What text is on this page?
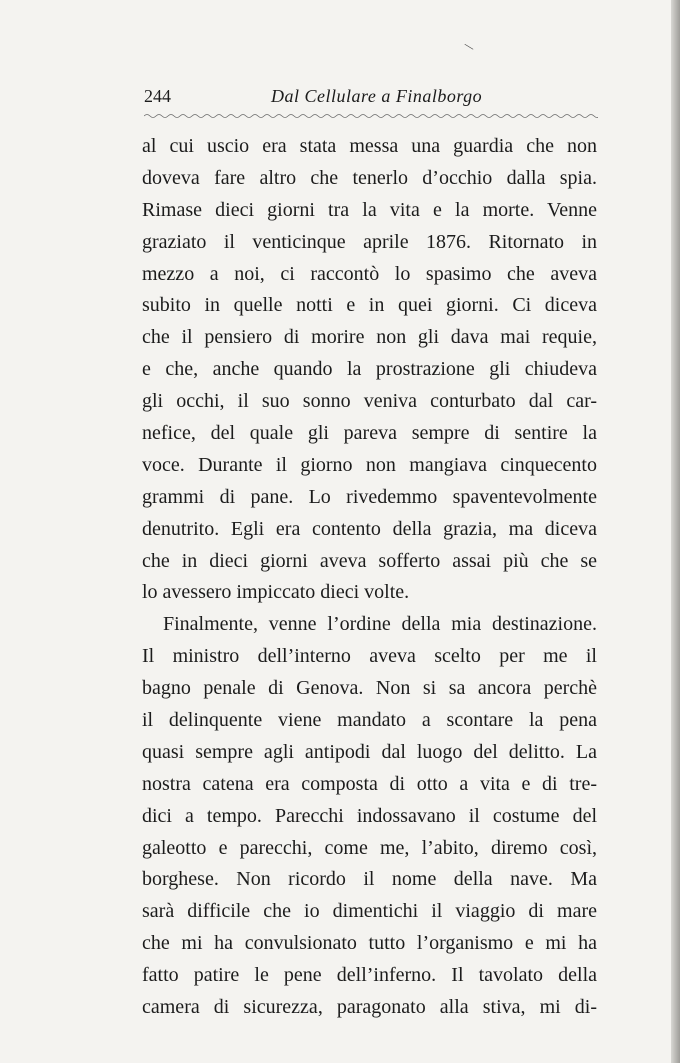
\
244	Dal Cellulare a Finalborgo
al cui uscio era stata messa una guardia che non
doveva fare altro che tenerlo d’occhio dalla spia.
Rimase dieci giorni tra la vita e la morte. Venne
graziato il venticinque aprile 1876. Ritornato in
mezzo a noi, ci raccontò lo spasimo che aveva
subito in quelle notti e in quei giorni. Ci diceva
che il pensiero di morire non gli dava mai requie,
e che, anche quando la prostrazione gli chiudeva
gli occhi, il suo sonno veniva conturbato dal car-
nefice, del quale gli pareva sempre di sentire la
voce. Durante il giorno non mangiava cinquecento
grammi di pane. Lo rivedemmo spaventevolmente
denutrito. Egli era contento della grazia, ma diceva
che in dieci giorni aveva sofferto assai più che se
lo avessero impiccato dieci volte.
Finalmente, venne l’ordine della mia destinazione.
Il ministro dell’interno aveva scelto per me il
bagno penale di Genova. Non si sa ancora perchè
il delinquente viene mandato a scontare la pena
quasi sempre agli antipodi dal luogo del delitto. La
nostra catena era composta di otto a vita e di tre-
dici a tempo. Parecchi indossavano il costume del
galeotto e parecchi, come me, l’abito, diremo così,
borghese. Non ricordo il nome della nave. Ma
sarà difficile che io dimentichi il viaggio di mare
che mi ha convulsionato tutto l’organismo e mi ha
fatto patire le pene dell’inferno. Il tavolato della
camera di sicurezza, paragonato alla stiva, mi di-
